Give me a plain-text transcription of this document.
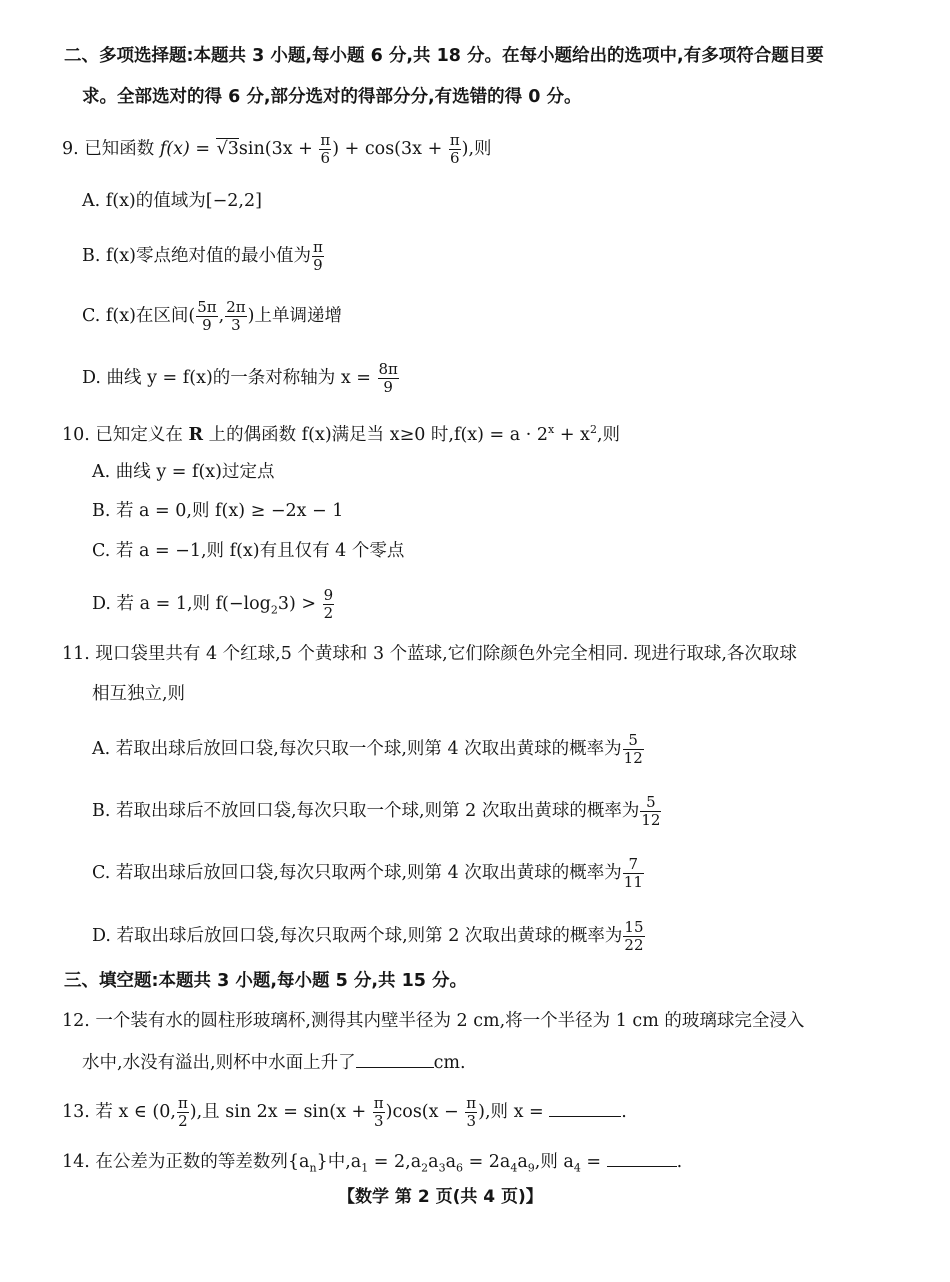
二、多项选择题:本题共 3 小题,每小题 6 分,共 18 分。在每小题给出的选项中,有多项符合题目要
求。全部选对的得 6 分,部分选对的得部分分,有选错的得 0 分。
9. 已知函数 $f(x) = √3\sin(3x + \frac{\pi}{6}$ ) + $\cos(3x + \frac{\pi}{6}$ ),则
A. f(x)的值域为[−2,2]
B. f(x)零点绝对值的最小值为 $\frac{\pi}{9}$
C. f(x)在区间( $\frac{5\pi}{9}$ , $\frac{2\pi}{3}$ )上单调递增
D. 曲线 y = f(x)的一条对称轴为 $x = \frac{8\pi}{9}$
10. 已知定义在 R 上的偶函数 f(x)满足当 x≥0 时$,f(x) = a \cdot 2^x + x^2$,则
A. 曲线 y = f(x)过定点
B. 若 a = 0,则 f(x) ≥ −2x − 1
C. 若 a = −1,则 f(x)有且仅有 4 个零点
D. 若 a = 1,则 $f(-\log_23) > \frac{9}{2}$
11. 现口袋里共有 4 个红球,5 个黄球和 3 个蓝球,它们除颜色外完全相同. 现进行取球,各次取球
相互独立,则
A. 若取出球后放回口袋,每次只取一个球,则第 4 次取出黄球的概率为 $\frac{5}{12}$
B. 若取出球后不放回口袋,每次只取一个球,则第 2 次取出黄球的概率为 $\frac{5}{12}$
C. 若取出球后放回口袋,每次只取两个球,则第 4 次取出黄球的概率为 $\frac{7}{11}$
D. 若取出球后放回口袋,每次只取两个球,则第 2 次取出黄球的概率为 $\frac{15}{22}$
三、填空题:本题共 3 小题,每小题 5 分,共 15 分。
12. 一个装有水的圆柱形玻璃杯,测得其内壁半径为 2 cm,将一个半径为 1 cm 的玻璃球完全浸入
水中,水没有溢出,则杯中水面上升了	cm.
13. 若 x ∈ (0, $\frac{\pi}{2}$ ),且 $\sin 2x = \sin(x + \frac{\pi}{3} )\cos(x - \frac{\pi}{3}$ ),则 x =	.
14. 在公差为正数的等差数列$\{a_n\}$中$,a_1 = 2,a_2a_3a_6 = 2a_4a_9$,则 $a_4$ =	.
【数学 第 2 页(共 4 页)】
